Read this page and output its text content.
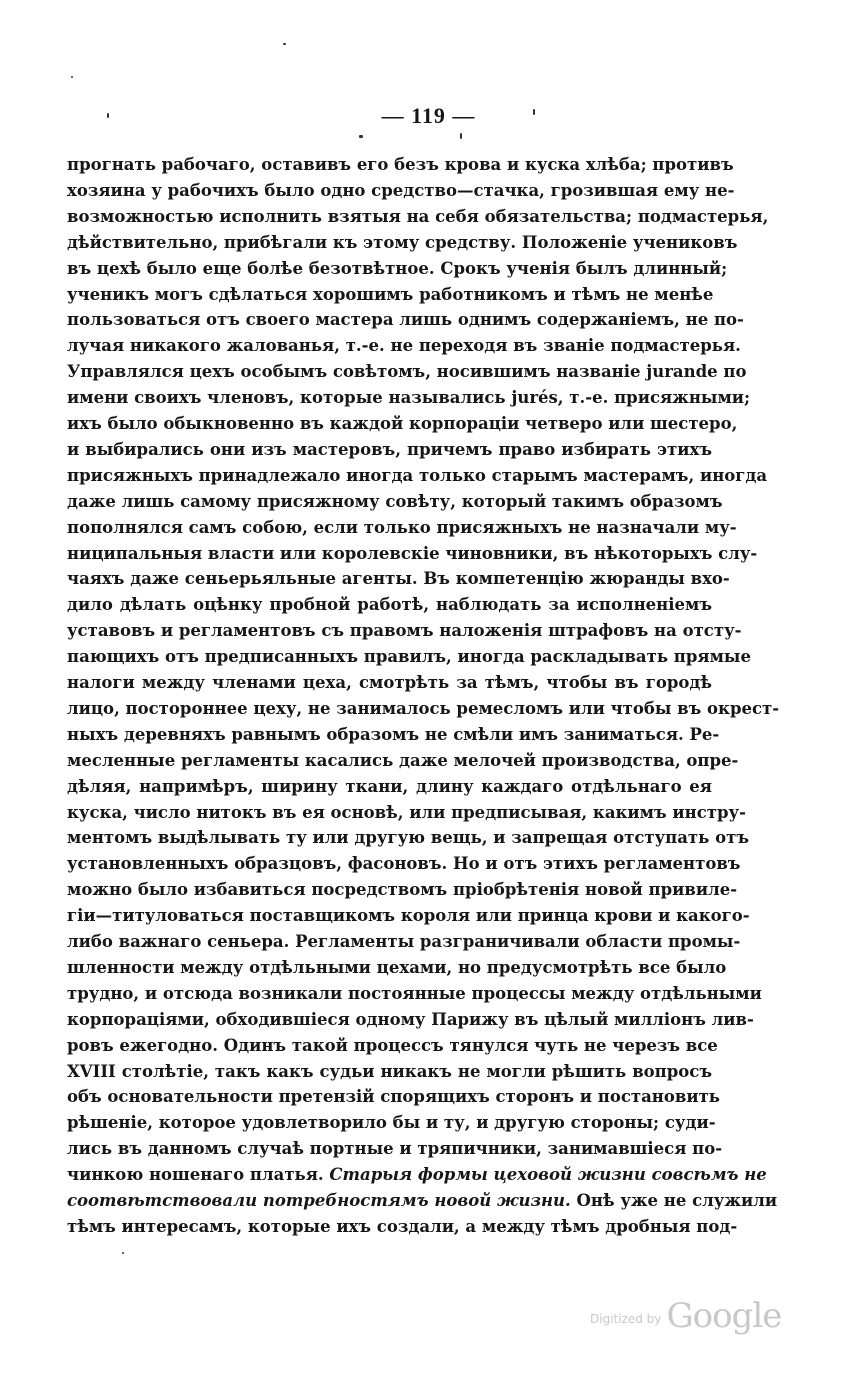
— 119 —
прогнать рабочаго, оставивъ его безъ крова и куска хлѣба; противъ
хозяина у рабочихъ было одно средство—стачка, грозившая ему не-
возможностью исполнить взятыя на себя обязательства; подмастерья,
дѣйствительно, прибѣгали къ этому средству. Положеніе учениковъ
въ цехѣ было еще болѣе безотвѣтное. Срокъ ученія былъ длинный;
ученикъ могъ сдѣлаться хорошимъ работникомъ и тѣмъ не менѣе
пользоваться отъ своего мастера лишь однимъ содержаніемъ, не по-
лучая никакого жалованья, т.-е. не переходя въ званіе подмастерья.
Управлялся цехъ особымъ совѣтомъ, носившимъ названіе jurande по
имени своихъ членовъ, которые назывались jurés, т.-е. присяжными;
ихъ было обыкновенно въ каждой корпораціи четверо или шестеро,
и выбирались они изъ мастеровъ, причемъ право избирать этихъ
присяжныхъ принадлежало иногда только старымъ мастерамъ, иногда
даже лишь самому присяжному совѣту, который такимъ образомъ
пополнялся самъ собою, если только присяжныхъ не назначали му-
ниципальныя власти или королевскіе чиновники, въ нѣкоторыхъ слу-
чаяхъ даже сеньерьяльные агенты. Въ компетенцію жюранды вхо-
дило дѣлать оцѣнку пробной работѣ, наблюдать за исполненіемъ
уставовъ и регламентовъ съ правомъ наложенія штрафовъ на отсту-
пающихъ отъ предписанныхъ правилъ, иногда раскладывать прямые
налоги между членами цеха, смотрѣть за тѣмъ, чтобы въ городѣ
лицо, постороннее цеху, не занималось ремесломъ или чтобы въ окрест-
ныхъ деревняхъ равнымъ образомъ не смѣли имъ заниматься. Ре-
месленные регламенты касались даже мелочей производства, опре-
дѣляя, напримѣръ, ширину ткани, длину каждаго отдѣльнаго ея
куска, число нитокъ въ ея основѣ, или предписывая, какимъ инстру-
ментомъ выдѣлывать ту или другую вещь, и запрещая отступать отъ
установленныхъ образцовъ, фасоновъ. Но и отъ этихъ регламентовъ
можно было избавиться посредствомъ пріобрѣтенія новой привиле-
гіи—титуловаться поставщикомъ короля или принца крови и какого-
либо важнаго сеньера. Регламенты разграничивали области промы-
шленности между отдѣльными цехами, но предусмотрѣть все было
трудно, и отсюда возникали постоянные процессы между отдѣльными
корпораціями, обходившіеся одному Парижу въ цѣлый милліонъ лив-
ровъ ежегодно. Одинъ такой процессъ тянулся чуть не черезъ все
XVIII столѣтіе, такъ какъ судьи никакъ не могли рѣшить вопросъ
объ основательности претензій спорящихъ сторонъ и постановить
рѣшеніе, которое удовлетворило бы и ту, и другую стороны; суди-
лись въ данномъ случаѣ портные и тряпичники, занимавшіеся по-
чинкою ношенаго платья. Старыя формы цеховой жизни совсѣмъ не
соотвѣтствовали потребностямъ новой жизни. Онѣ уже не служили
тѣмъ интересамъ, которые ихъ создали, а между тѣмъ дробныя под-
$^{Digitized by}$ Google
